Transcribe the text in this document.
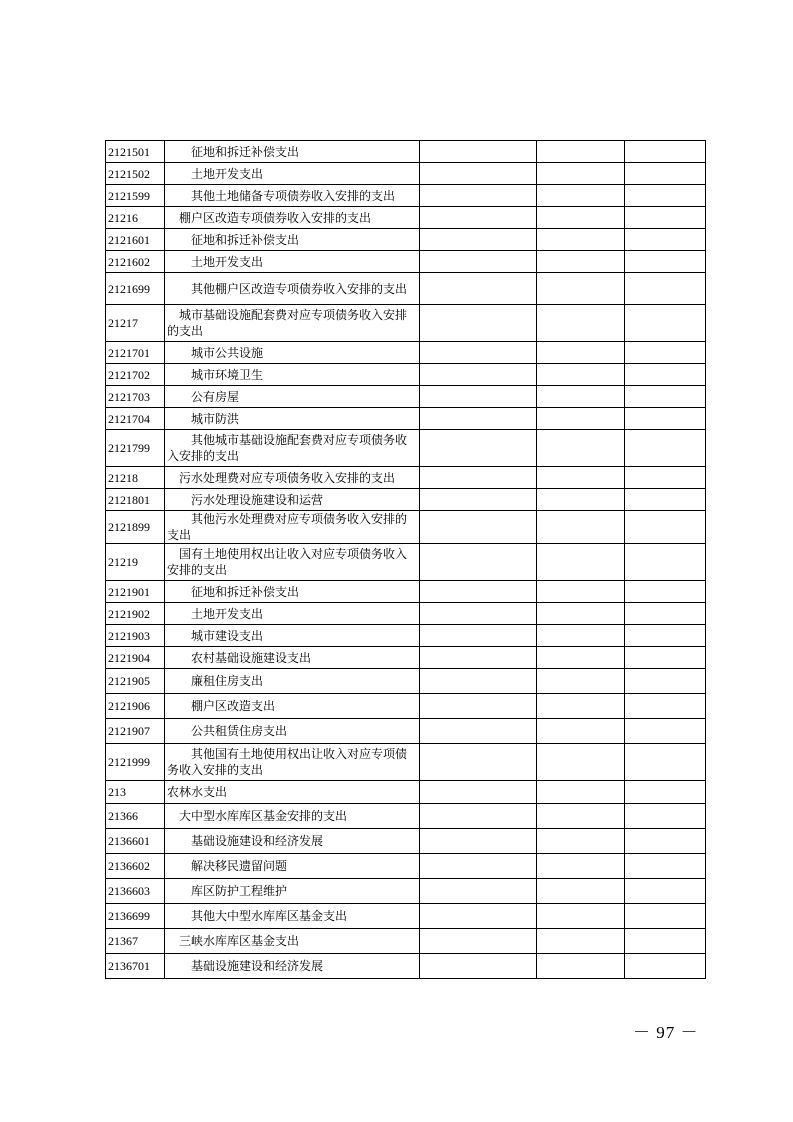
2121501	征地和拆迁补偿支出			

2121502	土地开发支出			

2121599	其他土地储备专项债券收入安排的支出			

21216	棚户区改造专项债券收入安排的支出			

2121601	征地和拆迁补偿支出			

2121602	土地开发支出			

2121699	其他棚户区改造专项债券收入安排的支出			

21217	城市基础设施配套费对应专项债务收入安排的支出			

2121701	城市公共设施			

2121702	城市环境卫生			

2121703	公有房屋			

2121704	城市防洪			

2121799	其他城市基础设施配套费对应专项债务收入安排的支出			

21218	污水处理费对应专项债务收入安排的支出			

2121801	污水处理设施建设和运营			

2121899	其他污水处理费对应专项债务收入安排的支出			

21219	国有土地使用权出让收入对应专项债务收入安排的支出			

2121901	征地和拆迁补偿支出			

2121902	土地开发支出			

2121903	城市建设支出			

2121904	农村基础设施建设支出			

2121905	廉租住房支出			

2121906	棚户区改造支出			

2121907	公共租赁住房支出			

2121999	其他国有土地使用权出让收入对应专项债务收入安排的支出			

213	农林水支出			

21366	大中型水库库区基金安排的支出			

2136601	基础设施建设和经济发展			

2136602	解决移民遗留问题			

2136603	库区防护工程维护			

2136699	其他大中型水库库区基金支出			

21367	三峡水库库区基金支出			

2136701	基础设施建设和经济发展			

－ 97 －
